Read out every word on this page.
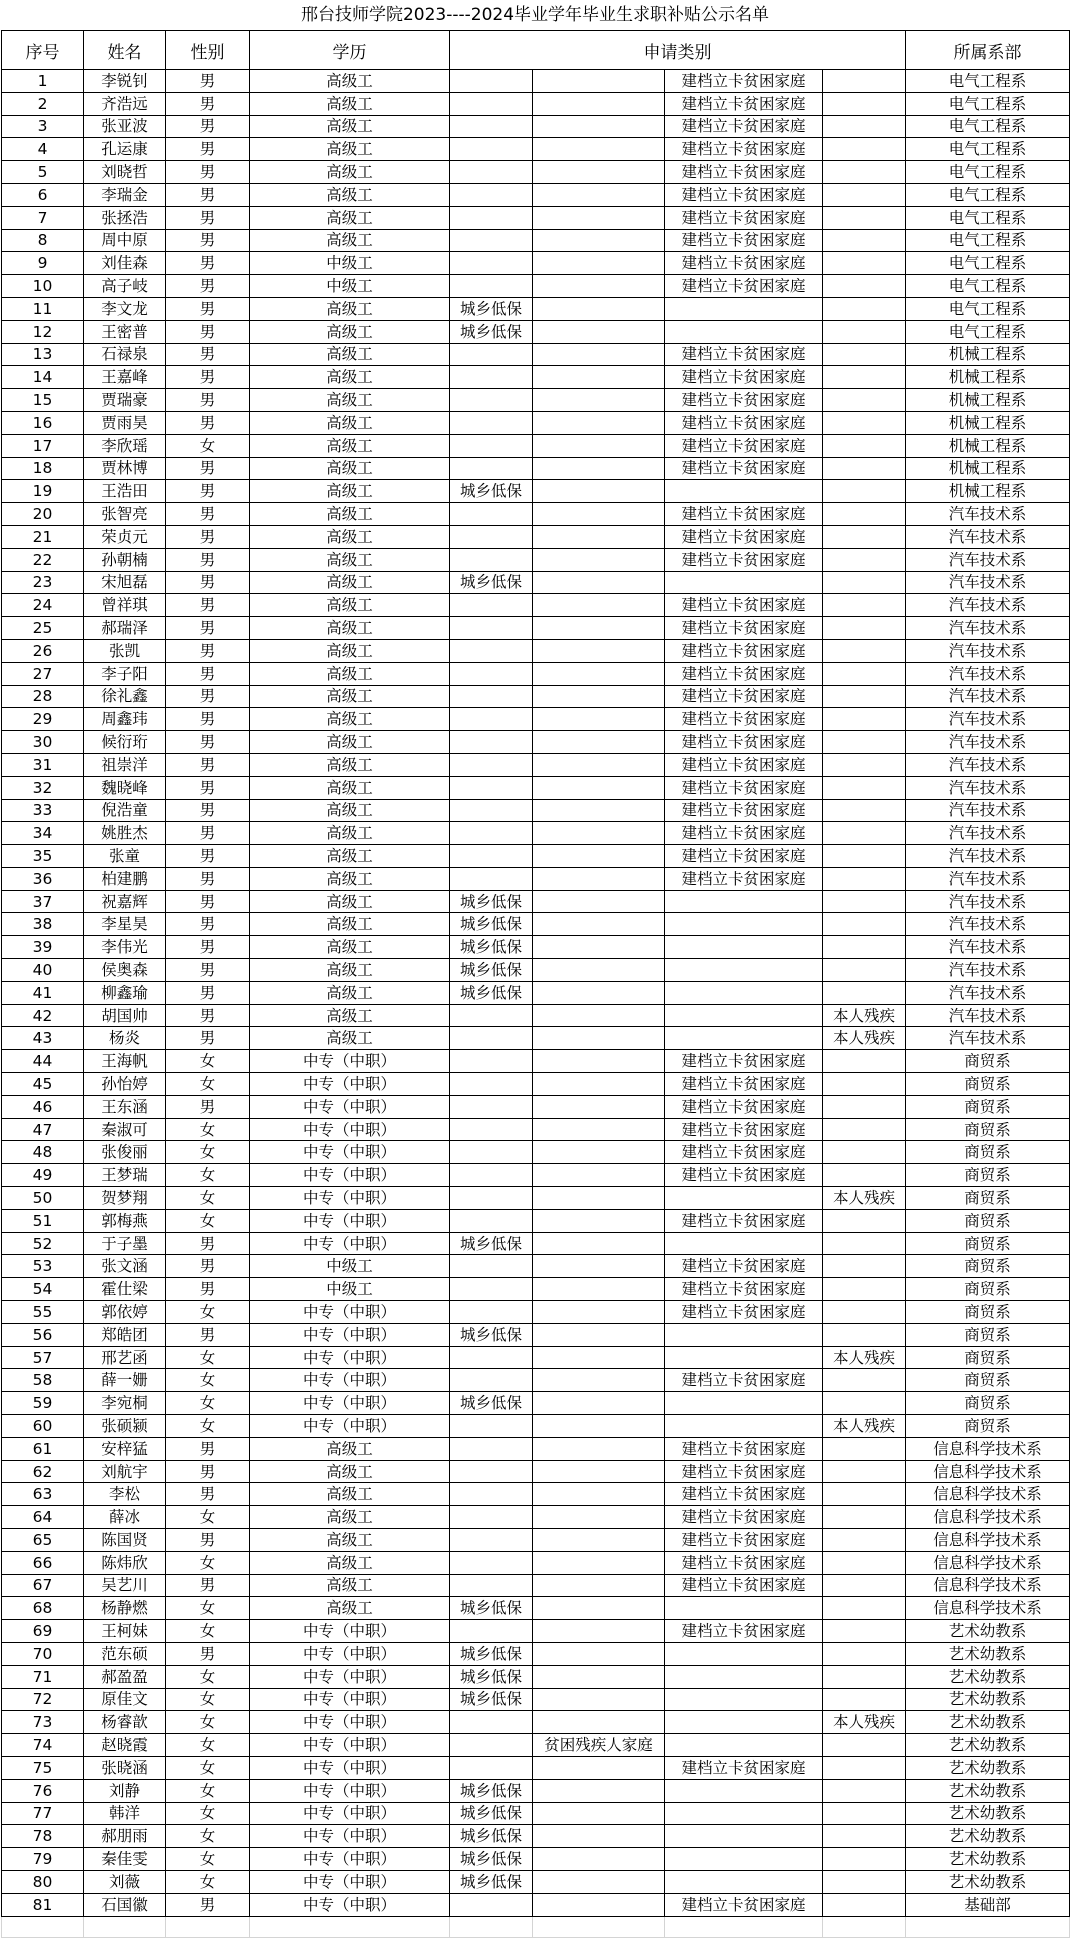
邢台技师学院2023----2024毕业学年毕业生求职补贴公示名单
序号	姓名	性别	学历	申请类别				所属系部
1	李锐钊	男	高级工			建档立卡贫困家庭		电气工程系
2	齐浩远	男	高级工			建档立卡贫困家庭		电气工程系
3	张亚波	男	高级工			建档立卡贫困家庭		电气工程系
4	孔运康	男	高级工			建档立卡贫困家庭		电气工程系
5	刘晓哲	男	高级工			建档立卡贫困家庭		电气工程系
6	李瑞金	男	高级工			建档立卡贫困家庭		电气工程系
7	张拯浩	男	高级工			建档立卡贫困家庭		电气工程系
8	周中原	男	高级工			建档立卡贫困家庭		电气工程系
9	刘佳森	男	中级工			建档立卡贫困家庭		电气工程系
10	高子岐	男	中级工			建档立卡贫困家庭		电气工程系
11	李文龙	男	高级工	城乡低保				电气工程系
12	王密普	男	高级工	城乡低保				电气工程系
13	石禄泉	男	高级工			建档立卡贫困家庭		机械工程系
14	王嘉峰	男	高级工			建档立卡贫困家庭		机械工程系
15	贾瑞豪	男	高级工			建档立卡贫困家庭		机械工程系
16	贾雨昊	男	高级工			建档立卡贫困家庭		机械工程系
17	李欣瑶	女	高级工			建档立卡贫困家庭		机械工程系
18	贾林博	男	高级工			建档立卡贫困家庭		机械工程系
19	王浩田	男	高级工	城乡低保				机械工程系
20	张智亮	男	高级工			建档立卡贫困家庭		汽车技术系
21	荣贞元	男	高级工			建档立卡贫困家庭		汽车技术系
22	孙朝楠	男	高级工			建档立卡贫困家庭		汽车技术系
23	宋旭磊	男	高级工	城乡低保				汽车技术系
24	曾祥琪	男	高级工			建档立卡贫困家庭		汽车技术系
25	郝瑞泽	男	高级工			建档立卡贫困家庭		汽车技术系
26	张凯	男	高级工			建档立卡贫困家庭		汽车技术系
27	李子阳	男	高级工			建档立卡贫困家庭		汽车技术系
28	徐礼鑫	男	高级工			建档立卡贫困家庭		汽车技术系
29	周鑫玮	男	高级工			建档立卡贫困家庭		汽车技术系
30	候衍珩	男	高级工			建档立卡贫困家庭		汽车技术系
31	祖崇洋	男	高级工			建档立卡贫困家庭		汽车技术系
32	魏晓峰	男	高级工			建档立卡贫困家庭		汽车技术系
33	倪浩童	男	高级工			建档立卡贫困家庭		汽车技术系
34	姚胜杰	男	高级工			建档立卡贫困家庭		汽车技术系
35	张童	男	高级工			建档立卡贫困家庭		汽车技术系
36	柏建鹏	男	高级工			建档立卡贫困家庭		汽车技术系
37	祝嘉辉	男	高级工	城乡低保				汽车技术系
38	李星昊	男	高级工	城乡低保				汽车技术系
39	李伟光	男	高级工	城乡低保				汽车技术系
40	侯奥森	男	高级工	城乡低保				汽车技术系
41	柳鑫瑜	男	高级工	城乡低保				汽车技术系
42	胡国帅	男	高级工				本人残疾	汽车技术系
43	杨炎	男	高级工				本人残疾	汽车技术系
44	王海帆	女	中专（中职）			建档立卡贫困家庭		商贸系
45	孙怡婷	女	中专（中职）			建档立卡贫困家庭		商贸系
46	王东涵	男	中专（中职）			建档立卡贫困家庭		商贸系
47	秦淑可	女	中专（中职）			建档立卡贫困家庭		商贸系
48	张俊丽	女	中专（中职）			建档立卡贫困家庭		商贸系
49	王梦瑞	女	中专（中职）			建档立卡贫困家庭		商贸系
50	贺梦翔	女	中专（中职）				本人残疾	商贸系
51	郭梅燕	女	中专（中职）			建档立卡贫困家庭		商贸系
52	于子墨	男	中专（中职）	城乡低保				商贸系
53	张文涵	男	中级工			建档立卡贫困家庭		商贸系
54	霍仕梁	男	中级工			建档立卡贫困家庭		商贸系
55	郭依婷	女	中专（中职）			建档立卡贫困家庭		商贸系
56	郑皓团	男	中专（中职）	城乡低保				商贸系
57	邢艺函	女	中专（中职）				本人残疾	商贸系
58	薛一姗	女	中专（中职）			建档立卡贫困家庭		商贸系
59	李宛桐	女	中专（中职）	城乡低保				商贸系
60	张硕颍	女	中专（中职）				本人残疾	商贸系
61	安梓猛	男	高级工			建档立卡贫困家庭		信息科学技术系
62	刘航宇	男	高级工			建档立卡贫困家庭		信息科学技术系
63	李松	男	高级工			建档立卡贫困家庭		信息科学技术系
64	薛冰	女	高级工			建档立卡贫困家庭		信息科学技术系
65	陈国贤	男	高级工			建档立卡贫困家庭		信息科学技术系
66	陈炜欣	女	高级工			建档立卡贫困家庭		信息科学技术系
67	吴艺川	男	高级工			建档立卡贫困家庭		信息科学技术系
68	杨静燃	女	高级工	城乡低保				信息科学技术系
69	王柯妹	女	中专（中职）			建档立卡贫困家庭		艺术幼教系
70	范东硕	男	中专（中职）	城乡低保				艺术幼教系
71	郝盈盈	女	中专（中职）	城乡低保				艺术幼教系
72	原佳文	女	中专（中职）	城乡低保				艺术幼教系
73	杨睿歆	女	中专（中职）				本人残疾	艺术幼教系
74	赵晓霞	女	中专（中职）		贫困残疾人家庭			艺术幼教系
75	张晓涵	女	中专（中职）			建档立卡贫困家庭		艺术幼教系
76	刘静	女	中专（中职）	城乡低保				艺术幼教系
77	韩洋	女	中专（中职）	城乡低保				艺术幼教系
78	郝朋雨	女	中专（中职）	城乡低保				艺术幼教系
79	秦佳雯	女	中专（中职）	城乡低保				艺术幼教系
80	刘薇	女	中专（中职）	城乡低保				艺术幼教系
81	石国徽	男	中专（中职）			建档立卡贫困家庭		基础部
